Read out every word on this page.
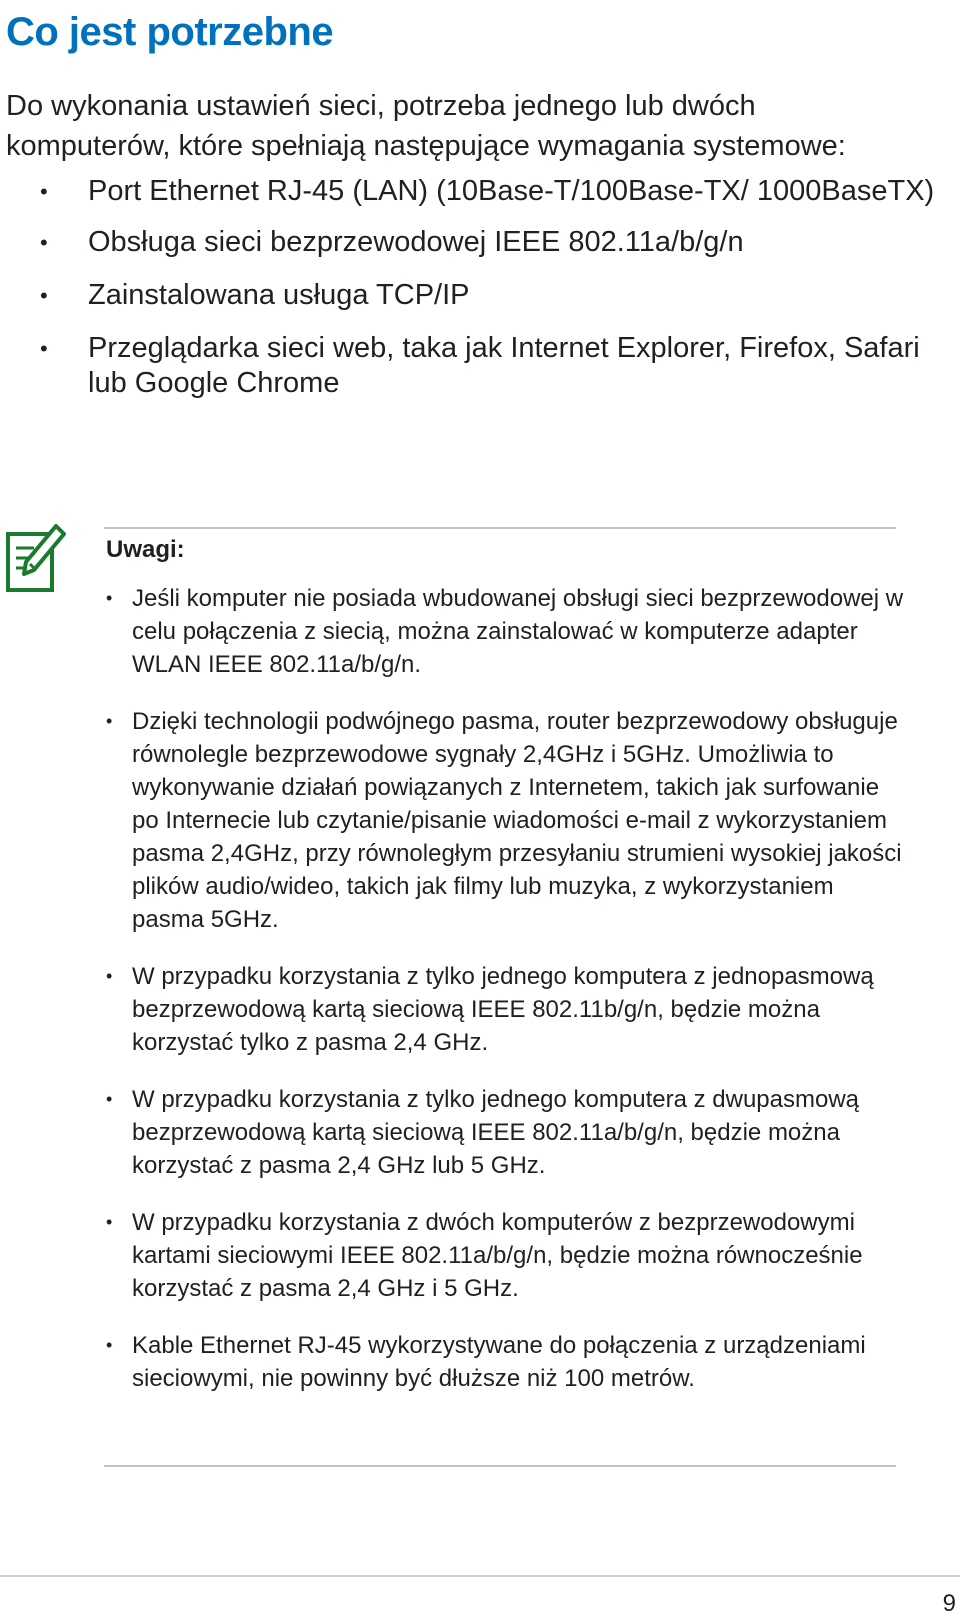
Co jest potrzebne

Do wykonania ustawień sieci, potrzeba jednego lub dwóch komputerów, które spełniają następujące wymagania systemowe:

• Port Ethernet RJ-45 (LAN) (10Base-T/100Base-TX/ 1000BaseTX)
• Obsługa sieci bezprzewodowej IEEE 802.11a/b/g/n
• Zainstalowana usługa TCP/IP
• Przeglądarka sieci web, taka jak Internet Explorer, Firefox, Safari lub Google Chrome
Uwagi:
• Jeśli komputer nie posiada wbudowanej obsługi sieci bezprzewodowej w celu połączenia z siecią, można zainstalować w komputerze adapter WLAN IEEE 802.11a/b/g/n.
• Dzięki technologii podwójnego pasma, router bezprzewodowy obsługuje równolegle bezprzewodowe sygnały 2,4GHz i 5GHz. Umożliwia to wykonywanie działań powiązanych z Internetem, takich jak surfowanie po Internecie lub czytanie/pisanie wiadomości e-mail z wykorzystaniem pasma 2,4GHz, przy równoległym przesyłaniu strumieni wysokiej jakości plików audio/wideo, takich jak filmy lub muzyka, z wykorzystaniem pasma 5GHz.
• W przypadku korzystania z tylko jednego komputera z jednopasmową bezprzewodową kartą sieciową IEEE 802.11b/g/n, będzie można korzystać tylko z pasma 2,4 GHz.
• W przypadku korzystania z tylko jednego komputera z dwupasmową bezprzewodową kartą sieciową IEEE 802.11a/b/g/n, będzie można korzystać z pasma 2,4 GHz lub 5 GHz.
• W przypadku korzystania z dwóch komputerów z bezprzewodowymi kartami sieciowymi IEEE 802.11a/b/g/n, będzie można równocześnie korzystać z pasma 2,4 GHz i 5 GHz.
• Kable Ethernet RJ-45 wykorzystywane do połączenia z urządzeniami sieciowymi, nie powinny być dłuższe niż 100 metrów.

9
